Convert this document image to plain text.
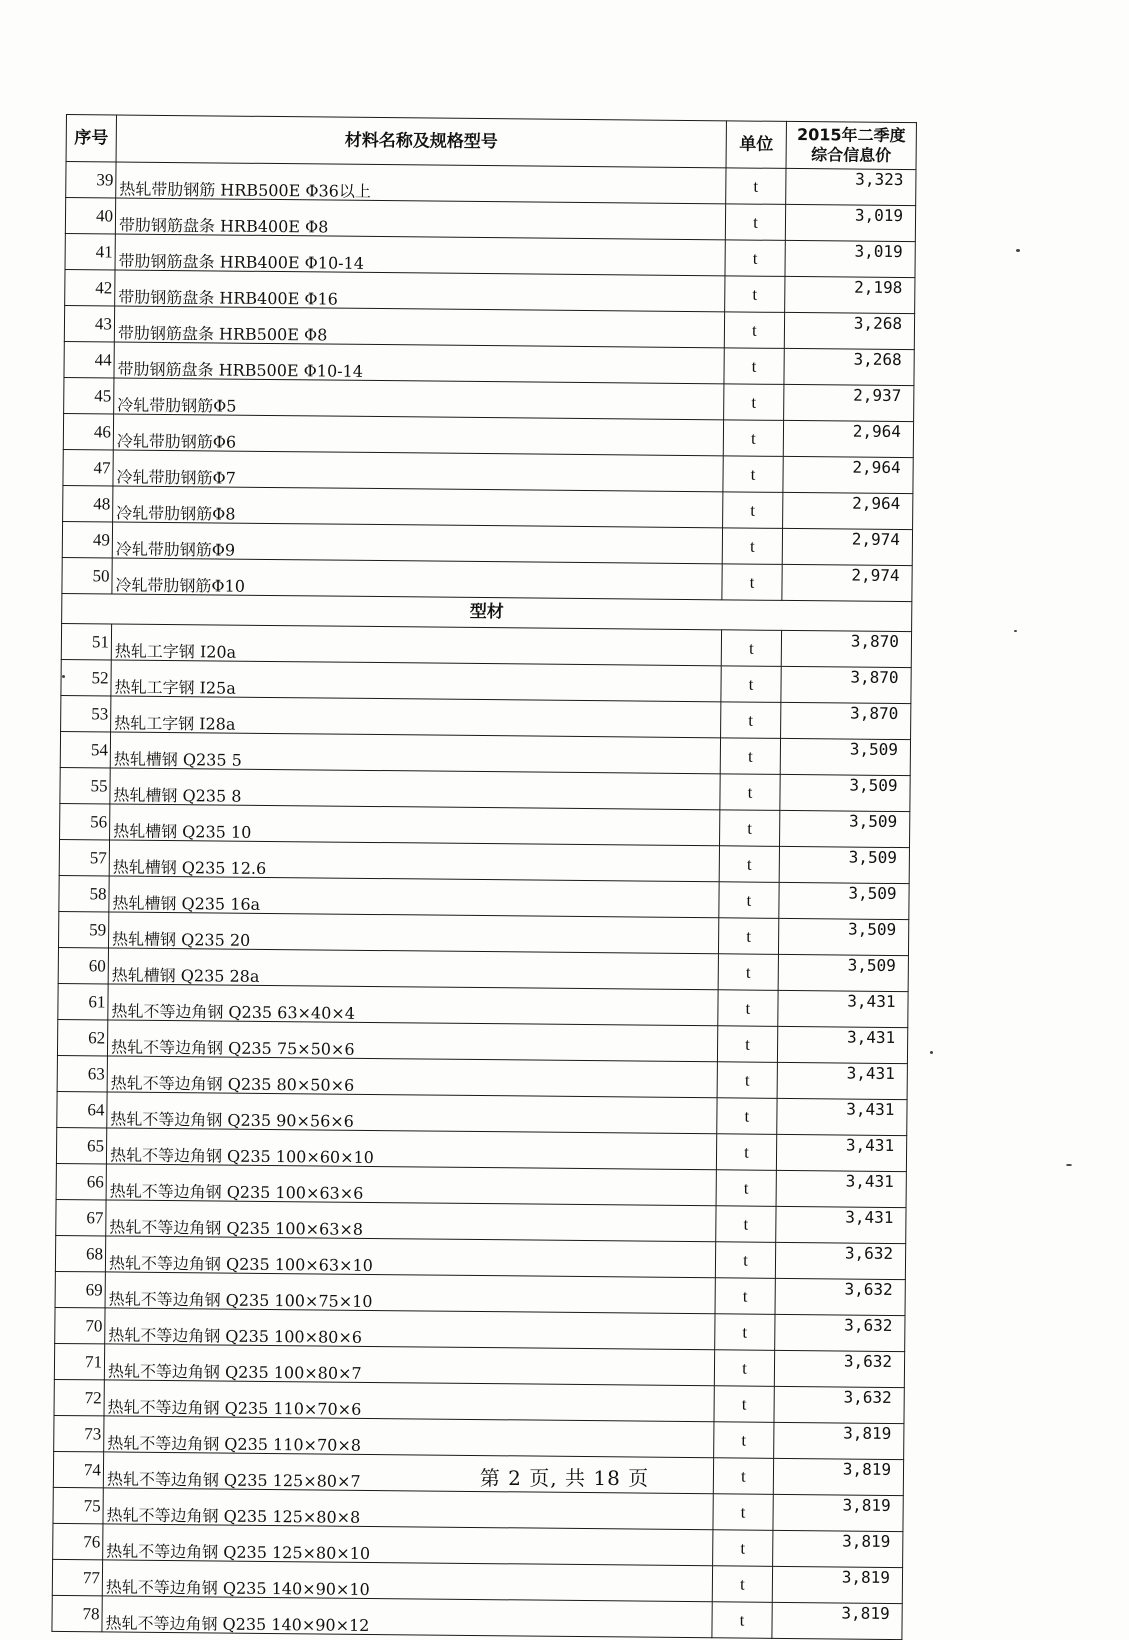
序号	材料名称及规格型号	单位	2015年二季度
综合信息价

39	热轧带肋钢筋 HRB500E Φ36以上	t	3,323
40	带肋钢筋盘条 HRB400E Φ8	t	3,019
41	带肋钢筋盘条 HRB400E Φ10-14	t	3,019
42	带肋钢筋盘条 HRB400E Φ16	t	2,198
43	带肋钢筋盘条 HRB500E Φ8	t	3,268
44	带肋钢筋盘条 HRB500E Φ10-14	t	3,268
45	冷轧带肋钢筋Φ5	t	2,937
46	冷轧带肋钢筋Φ6	t	2,964
47	冷轧带肋钢筋Φ7	t	2,964
48	冷轧带肋钢筋Φ8	t	2,964
49	冷轧带肋钢筋Φ9	t	2,974
50	冷轧带肋钢筋Φ10	t	2,974
型材			
51	热轧工字钢 I20a	t	3,870
52	热轧工字钢 I25a	t	3,870
53	热轧工字钢 I28a	t	3,870
54	热轧槽钢 Q235 5	t	3,509
55	热轧槽钢 Q235 8	t	3,509
56	热轧槽钢 Q235 10	t	3,509
57	热轧槽钢 Q235 12.6	t	3,509
58	热轧槽钢 Q235 16a	t	3,509
59	热轧槽钢 Q235 20	t	3,509
60	热轧槽钢 Q235 28a	t	3,509
61	热轧不等边角钢 Q235 63×40×4	t	3,431
62	热轧不等边角钢 Q235 75×50×6	t	3,431
63	热轧不等边角钢 Q235 80×50×6	t	3,431
64	热轧不等边角钢 Q235 90×56×6	t	3,431
65	热轧不等边角钢 Q235 100×60×10	t	3,431
66	热轧不等边角钢 Q235 100×63×6	t	3,431
67	热轧不等边角钢 Q235 100×63×8	t	3,431
68	热轧不等边角钢 Q235 100×63×10	t	3,632
69	热轧不等边角钢 Q235 100×75×10	t	3,632
70	热轧不等边角钢 Q235 100×80×6	t	3,632
71	热轧不等边角钢 Q235 100×80×7	t	3,632
72	热轧不等边角钢 Q235 110×70×6	t	3,632
73	热轧不等边角钢 Q235 110×70×8	t	3,819
74	热轧不等边角钢 Q235 125×80×7	t	3,819
75	热轧不等边角钢 Q235 125×80×8	t	3,819
76	热轧不等边角钢 Q235 125×80×10	t	3,819
77	热轧不等边角钢 Q235 140×90×10	t	3,819
78	热轧不等边角钢 Q235 140×90×12	t	3,819
第 2 页, 共 18 页
